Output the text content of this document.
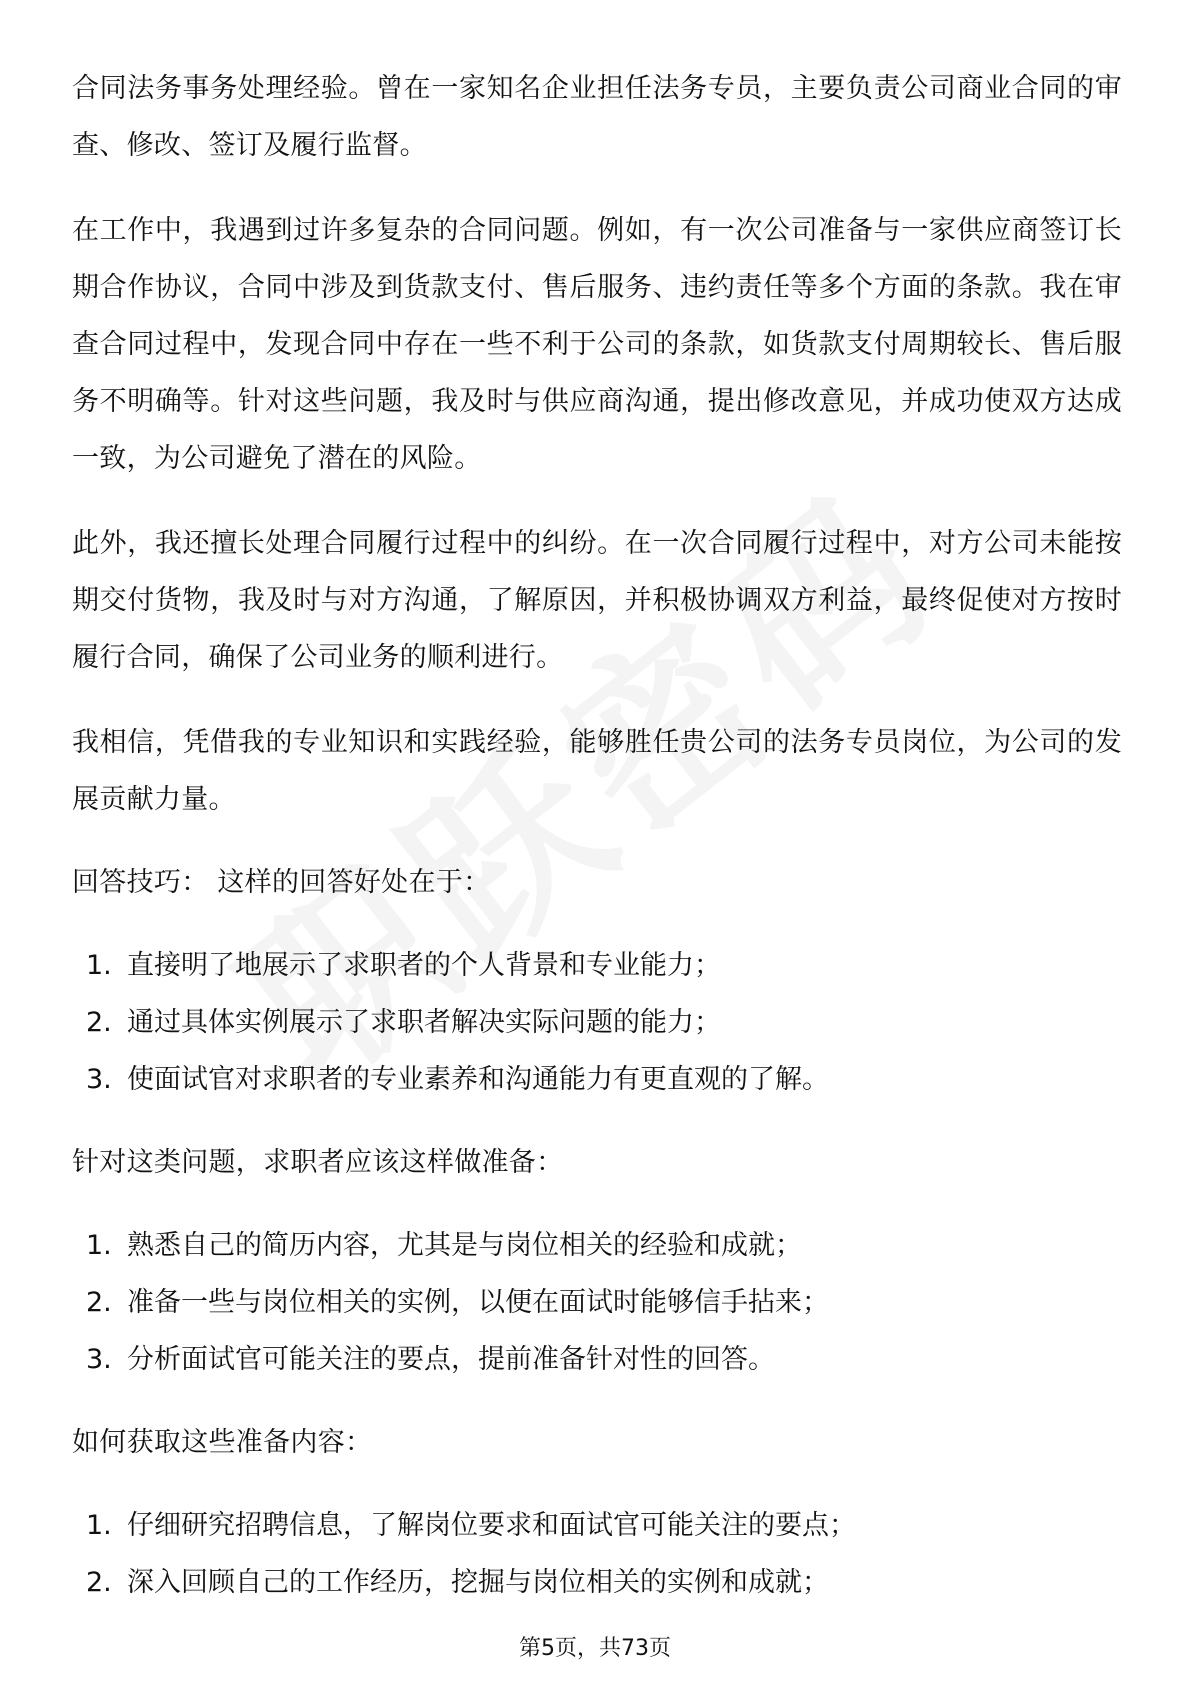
合同法务事务处理经验。曾在一家知名企业担任法务专员，主要负责公司商业合同的审查、修改、签订及履行监督。

在工作中，我遇到过许多复杂的合同问题。例如，有一次公司准备与一家供应商签订长期合作协议，合同中涉及到货款支付、售后服务、违约责任等多个方面的条款。我在审查合同过程中，发现合同中存在一些不利于公司的条款，如货款支付周期较长、售后服务不明确等。针对这些问题，我及时与供应商沟通，提出修改意见，并成功使双方达成一致，为公司避免了潜在的风险。

此外，我还擅长处理合同履行过程中的纠纷。在一次合同履行过程中，对方公司未能按期交付货物，我及时与对方沟通，了解原因，并积极协调双方利益，最终促使对方按时履行合同，确保了公司业务的顺利进行。

我相信，凭借我的专业知识和实践经验，能够胜任贵公司的法务专员岗位，为公司的发展贡献力量。

回答技巧： 这样的回答好处在于：

1. 直接明了地展示了求职者的个人背景和专业能力；
2. 通过具体实例展示了求职者解决实际问题的能力；
3. 使面试官对求职者的专业素养和沟通能力有更直观的了解。

针对这类问题，求职者应该这样做准备：

1. 熟悉自己的简历内容，尤其是与岗位相关的经验和成就；
2. 准备一些与岗位相关的实例，以便在面试时能够信手拈来；
3. 分析面试官可能关注的要点，提前准备针对性的回答。

如何获取这些准备内容：

1. 仔细研究招聘信息，了解岗位要求和面试官可能关注的要点；
2. 深入回顾自己的工作经历，挖掘与岗位相关的实例和成就；
第5页，共73页
